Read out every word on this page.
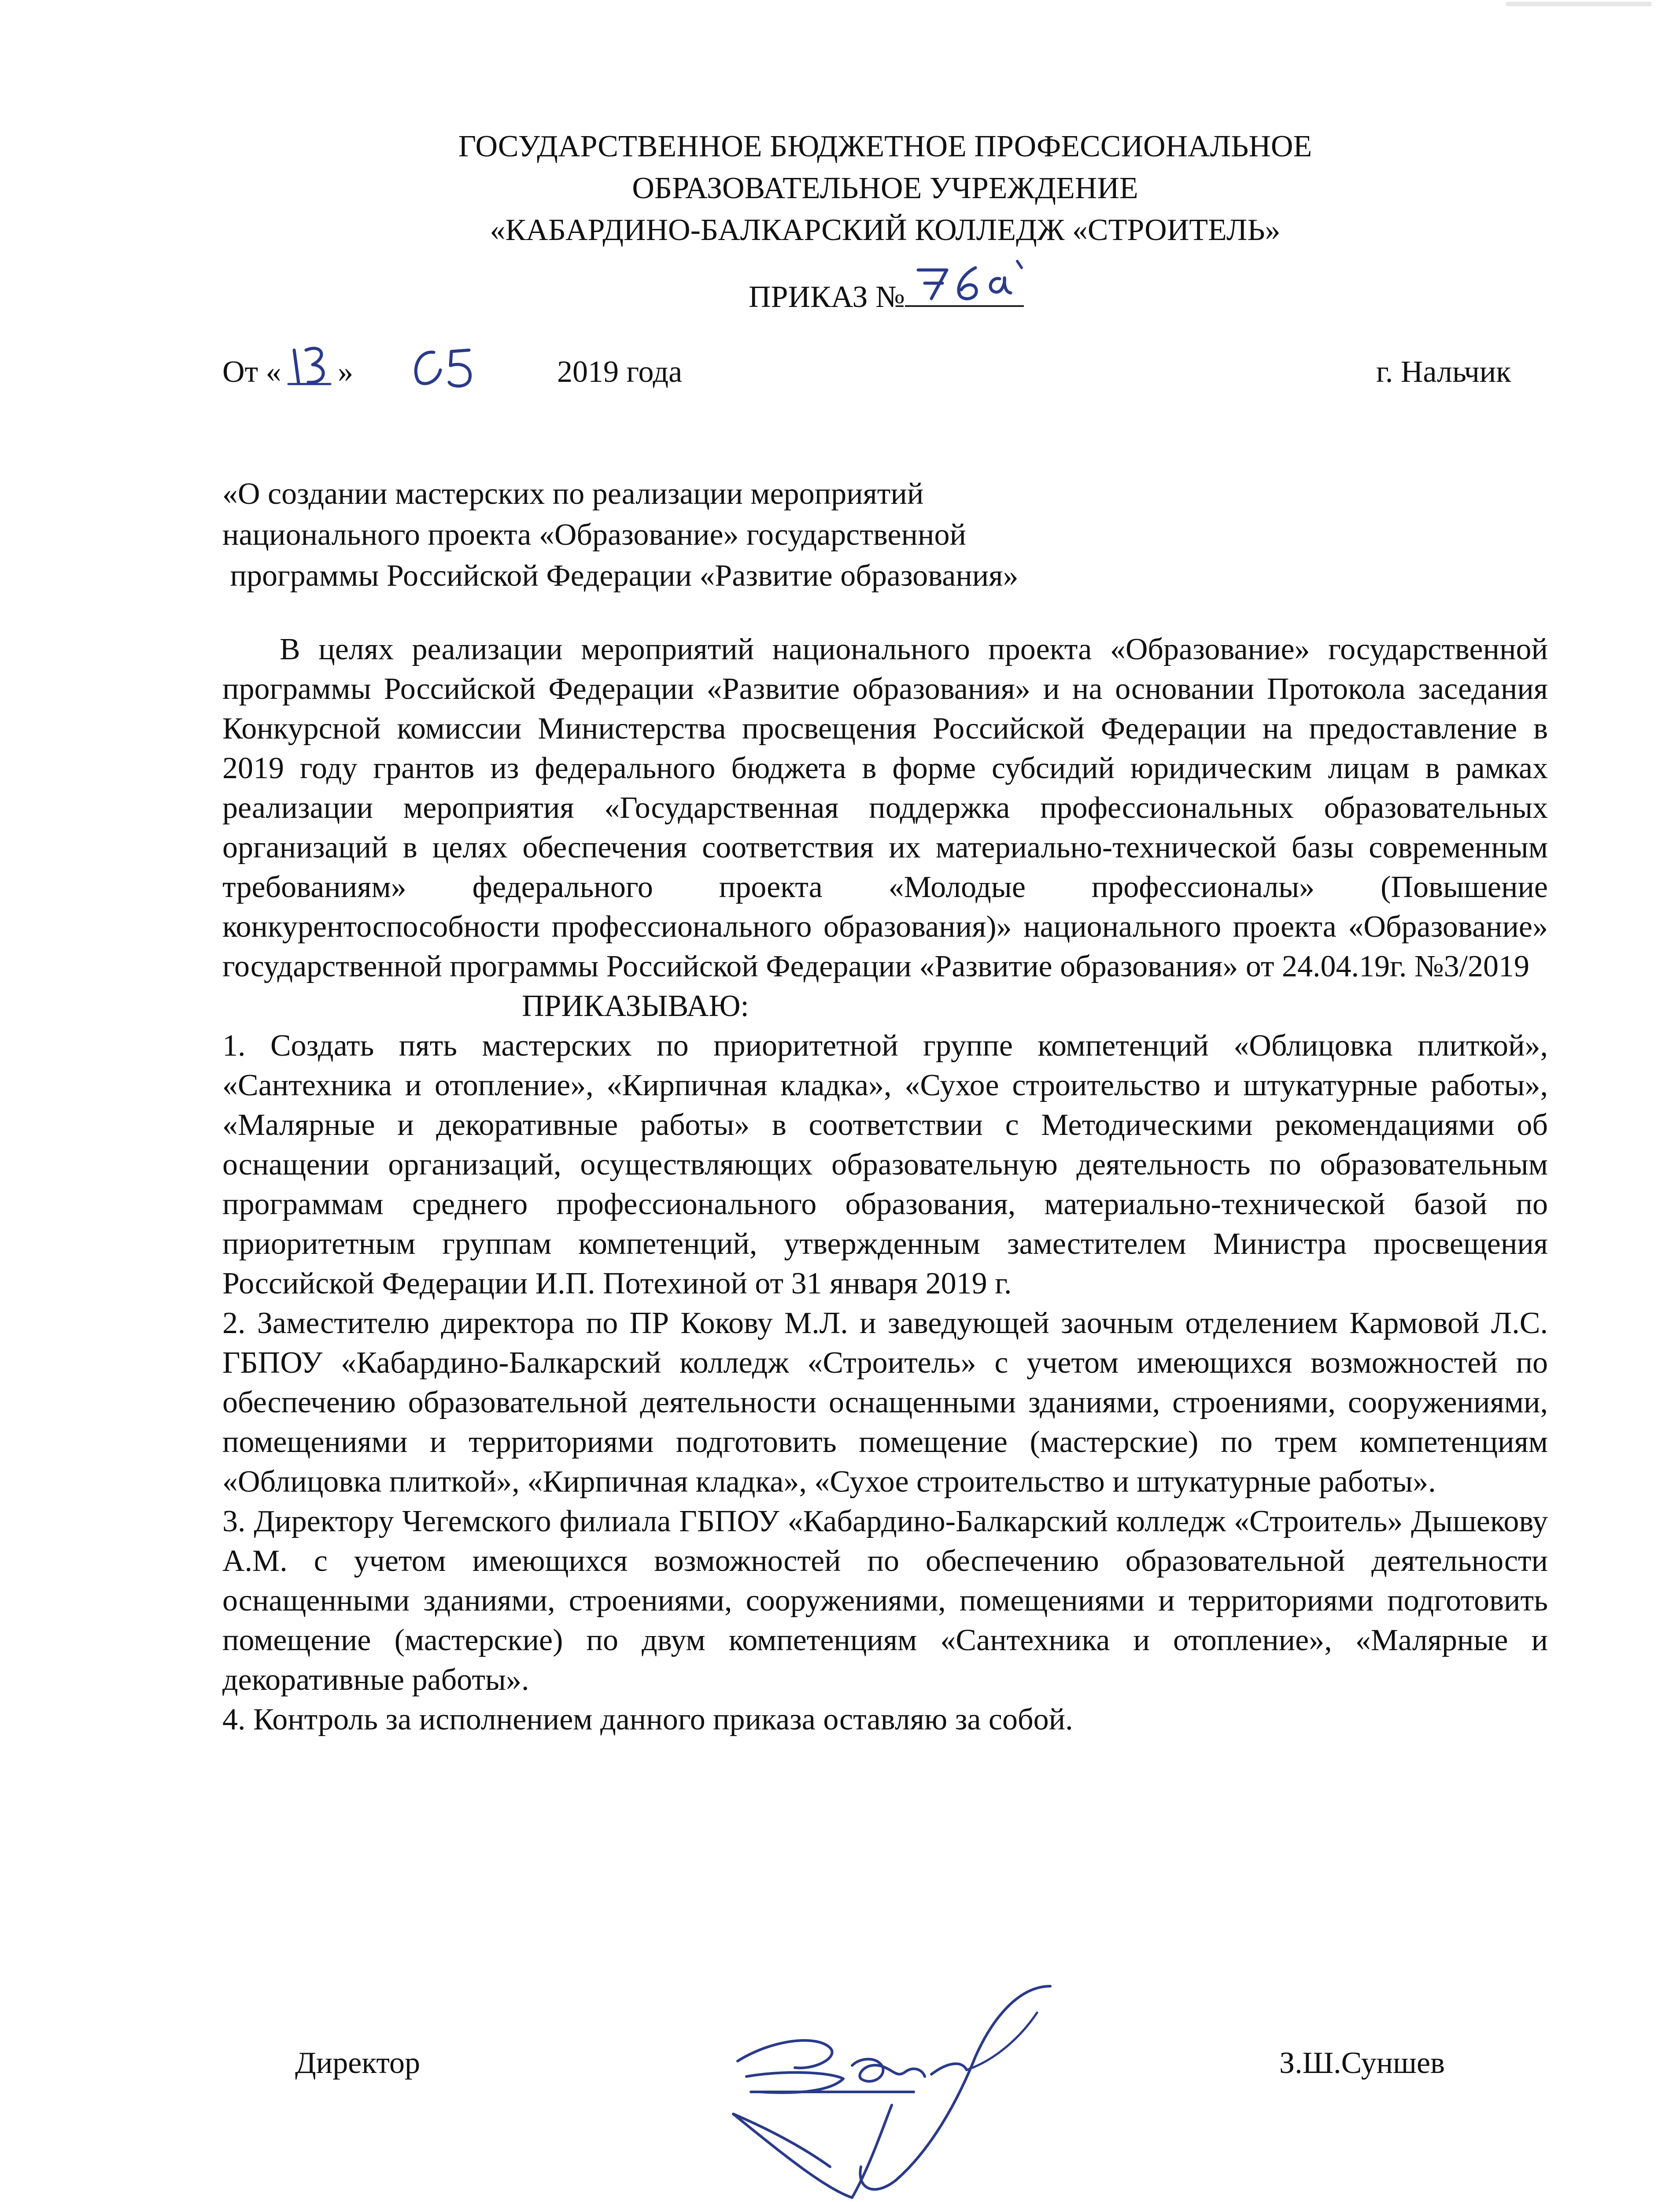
ГОСУДАРСТВЕННОЕ БЮДЖЕТНОЕ ПРОФЕССИОНАЛЬНОЕ
ОБРАЗОВАТЕЛЬНОЕ УЧРЕЖДЕНИЕ
«КАБАРДИНО-БАЛКАРСКИЙ КОЛЛЕДЖ «СТРОИТЕЛЬ»
ПРИКАЗ №
От « »	2019 года	г. Нальчик
«О создании мастерских по реализации мероприятий
национального проекта «Образование» государственной
программы Российской Федерации «Развитие образования»

В целях реализации мероприятий национального проекта «Образование» государственной программы Российской Федерации «Развитие образования» и на основании Протокола заседания Конкурсной комиссии Министерства просвещения Российской Федерации на предоставление в 2019 году грантов из федерального бюджета в форме субсидий юридическим лицам в рамках реализации мероприятия «Государственная поддержка профессиональных образовательных организаций в целях обеспечения соответствия их материально-технической базы современным требованиям» федерального проекта «Молодые профессионалы» (Повышение конкурентоспособности профессионального образования)» национального проекта «Образование» государственной программы Российской Федерации «Развитие образования» от 24.04.19г. №3/2019

ПРИКАЗЫВАЮ:

1. Создать пять мастерских по приоритетной группе компетенций «Облицовка плиткой», «Сантехника и отопление», «Кирпичная кладка», «Сухое строительство и штукатурные работы», «Малярные и декоративные работы» в соответствии с Методическими рекомендациями об оснащении организаций, осуществляющих образовательную деятельность по образовательным программам среднего профессионального образования, материально-технической базой по приоритетным группам компетенций, утвержденным заместителем Министра просвещения Российской Федерации И.П. Потехиной от 31 января 2019 г.

2. Заместителю директора по ПР Кокову М.Л. и заведующей заочным отделением Кармовой Л.С. ГБПОУ «Кабардино-Балкарский колледж «Строитель» с учетом имеющихся возможностей по обеспечению образовательной деятельности оснащенными зданиями, строениями, сооружениями, помещениями и территориями подготовить помещение (мастерские) по трем компетенциям «Облицовка плиткой», «Кирпичная кладка», «Сухое строительство и штукатурные работы».

3. Директору Чегемского филиала ГБПОУ «Кабардино-Балкарский колледж «Строитель» Дышекову А.М. с учетом имеющихся возможностей по обеспечению образовательной деятельности оснащенными зданиями, строениями, сооружениями, помещениями и территориями подготовить помещение (мастерские) по двум компетенциям «Сантехника и отопление», «Малярные и декоративные работы».

4. Контроль за исполнением данного приказа оставляю за собой.

Директор	З.Ш.Суншев
